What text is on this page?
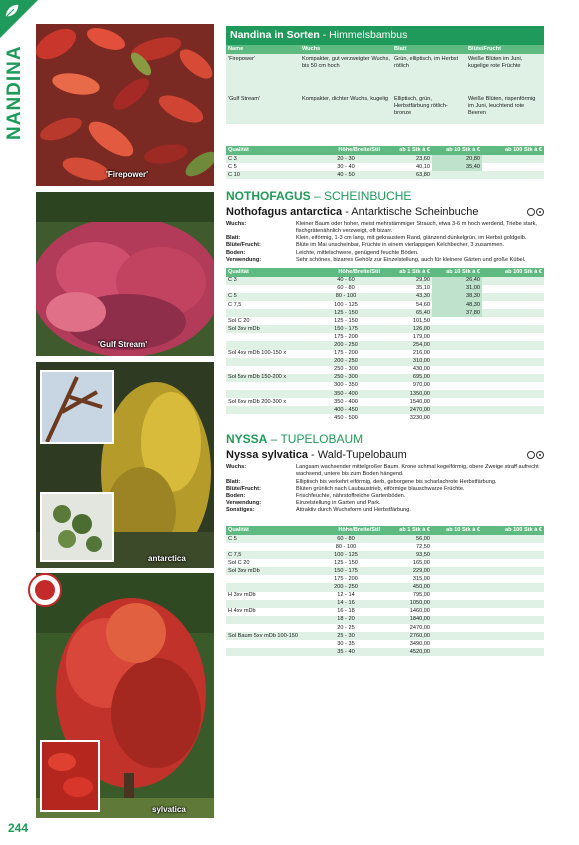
NANDINA
244
'Firepower'
'Gulf Stream'
antarctica
sylvatica
Nandina in Sorten - Himmelsbambus
Name	Wuchs	Blatt	Blüte/Frucht
'Firepower'	Kompakter, gut verzweigter Wuchs, bis 50 cm hoch	Grün, elliptisch, im Herbst rötlich	Weiße Blüten im Juni, kugelige rote Früchte
'Gulf Stream'	Kompakter, dichter Wuchs, kugelig	Elliptisch, grün, Herbstfärbung rötlich-bronze	Weiße Blüten, rispenförmig im Juni, leuchtend rote Beeren
Qualität	Höhe/Breite/Stil	ab 1 Stk à €	ab 10 Stk à €	ab 100 Stk à €
C 3	20 - 30	23,60	20,80	
C 5	30 - 40	40,10	35,40	
C 10	40 - 50	63,80		
NOTHOFAGUS – SCHEINBUCHE
Nothofagus antarctica - Antarktische Scheinbuche
Wuchs:	Kleiner Baum oder hoher, meist mehrstämmiger Strauch, etwa 3-6 m hoch werdend, Triebe stark, fischgrätenähnlich verzweigt, oft bizarr.
Blatt:	Klein, eiförmig, 1-3 cm lang, mit gekraustem Rand, glänzend dunkelgrün, im Herbst goldgelb.
Blüte/Frucht:	Blüte im Mai unscheinbar, Früchte in einem vierlappigen Kelchbecher, 3 zusammen.
Boden:	Leichte, mittelschwere, genügend feuchte Böden.
Verwendung:	Sehr schönes, bizarres Gehölz zur Einzelstellung, auch für kleinere Gärten und große Kübel.
Qualität	Höhe/Breite/Stil	ab 1 Stk à €	ab 10 Stk à €	ab 100 Stk à €
C 3	40 - 60	29,90	26,40	
	60 - 80	35,10	31,00	
C 5	80 - 100	43,30	38,30	
C 7,5	100 - 125	54,60	48,30	
	125 - 150	65,40	37,80	
Sol C 20	125 - 150	101,50		
Sol 3xv mDb	150 - 175	126,00		
	175 - 200	179,00		
	200 - 250	254,00		
Sol 4xv mDb 100-150 x	175 - 200	216,00		
	200 - 250	310,00		
	250 - 300	430,00		
Sol 5xv mDb 150-200 x	250 - 300	695,00		
	300 - 350	970,00		
	350 - 400	1350,00		
Sol 6xv mDb 200-300 x	350 - 400	1540,00		
	400 - 450	2470,00		
	450 - 500	3230,00		
NYSSA – TUPELOBAUM
Nyssa sylvatica - Wald-Tupelobaum
Wuchs:	Langsam wachsender mittelgroßer Baum. Krone schmal kegelförmig, obere Zweige straff aufrecht wachsend, untere bis zum Boden hängend.
Blatt:	Elliptisch bis verkehrt eiförmig, derb, geborgene bis scharlachrote Herbstfärbung.
Blüte/Frucht:	Blüten grünlich nach Laubaustrieb, eiförmige blauschwarze Früchte.
Boden:	Frischfeuchte, nährstoffreiche Gartenböden.
Verwendung:	Einzelstellung in Garten und Park.
Sonstiges:	Attraktiv durch Wuchsform und Herbstfärbung.
Qualität	Höhe/Breite/Stil	ab 1 Stk à €	ab 10 Stk à €	ab 100 Stk à €
C 5	60 - 80	56,00		
	80 - 100	72,50		
C 7,5	100 - 125	93,50		
Sol C 20	125 - 150	165,00		
Sol 3xv mDb	150 - 175	229,00		
	175 - 200	315,00		
	200 - 250	450,00		
H 3xv mDb	12 - 14	795,00		
	14 - 16	1050,00		
H 4xv mDb	16 - 18	1460,00		
	18 - 20	1840,00		
	20 - 25	2470,00		
Sol Baum 5xv mDb 100-150	25 - 30	2760,00		
	30 - 35	3490,00		
	35 - 40	4520,00		
